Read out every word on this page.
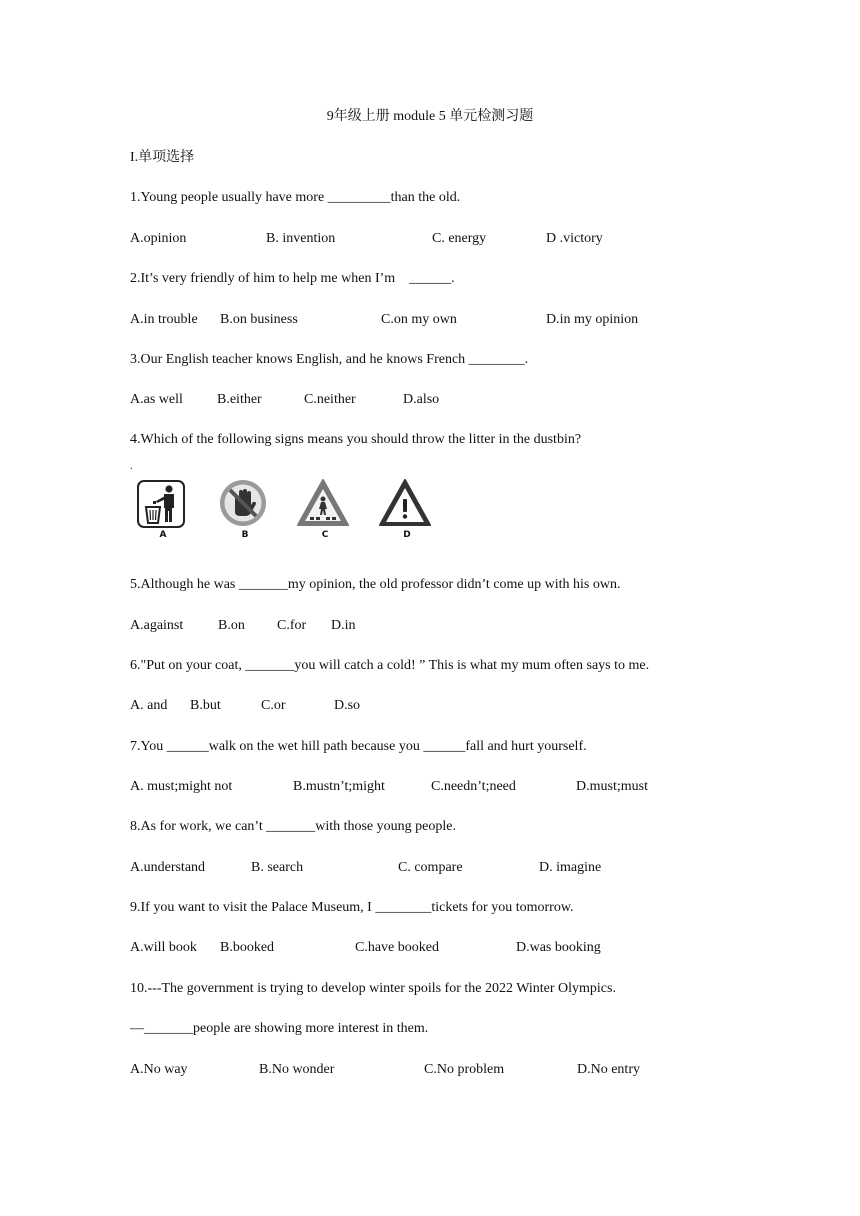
9年级上册 module 5 单元检测习题
I.单项选择
1.Young people usually have more _________than the old.
A.opinion	B. invention	C. energy	D .victory
2.It’s very friendly of him to help me when I’m    ______.
A.in trouble B.on business	C.on my own	D.in my opinion
3.Our English teacher knows English, and he knows French ________.
A.as well B.either	C.neither	D.also
4.Which of the following signs means you should throw the litter in the dustbin?
.
A	B	C	D
5.Although he was _______my opinion, the old professor didn’t come up with his own.
A.against B.on C.for D.in
6."Put on your coat, _______you will catch a cold! ” This is what my mum often says to me.
A. and B.but	C.or	D.so
7.You ______walk on the wet hill path because you ______fall and hurt yourself.
A. must;might not	B.mustn’t;might	C.needn’t;need	D.must;must
8.As for work, we can’t _______with those young people.
A.understand	B. search	C. compare	D. imagine
9.If you want to visit the Palace Museum, I ________tickets for you tomorrow.
A.will book B.booked	C.have booked	D.was booking
10.---The government is trying to develop winter spoils for the 2022 Winter Olympics.
—_______people are showing more interest in them.
A.No way	B.No wonder	C.No problem	D.No entry
